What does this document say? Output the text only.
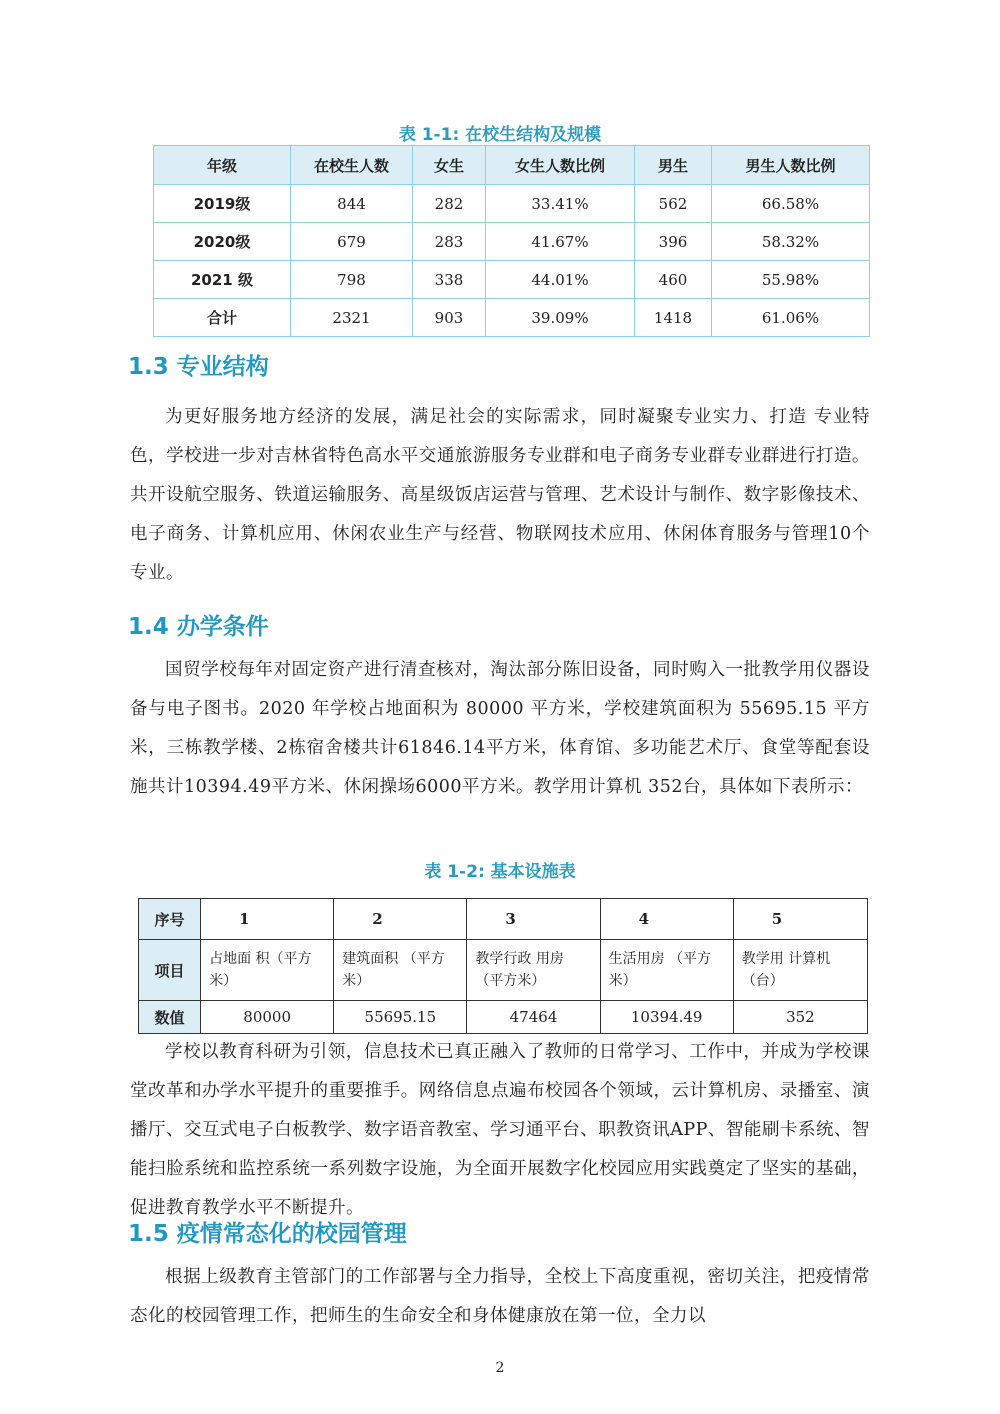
表 1-1: 在校生结构及规模
年级	在校生人数	女生	女生人数比例	男生	男生人数比例
2019级	844	282	33.41%	562	66.58%
2020级	679	283	41.67%	396	58.32%
2021 级	798	338	44.01%	460	55.98%
合计	2321	903	39.09%	1418	61.06%
1.3 专业结构

为更好服务地方经济的发展，满足社会的实际需求，同时凝聚专业实力、打造 专业特色，学校进一步对吉林省特色高水平交通旅游服务专业群和电子商务专业群专业群进行打造。共开设航空服务、铁道运输服务、高星级饭店运营与管理、艺术设计与制作、数字影像技术、电子商务、计算机应用、休闲农业生产与经营、物联网技术应用、休闲体育服务与管理10个专业。

1.4 办学条件

国贸学校每年对固定资产进行清查核对，淘汰部分陈旧设备，同时购入一批教学用仪器设备与电子图书。2020 年学校占地面积为 80000 平方米，学校建筑面积为 55695.15 平方米，三栋教学楼、2栋宿舍楼共计61846.14平方米，体育馆、多功能艺术厅、食堂等配套设施共计10394.49平方米、休闲操场6000平方米。教学用计算机 352台，具体如下表所示：

表 1-2: 基本设施表
序号	1	2	3	4	5
项目	占地面 积（平方米）	建筑面积 （平方米）	教学行政 用房（平方米）	生活用房 （平方米）	教学用 计算机（台）
数值	80000	55695.15	47464	10394.49	352

学校以教育科研为引领，信息技术已真正融入了教师的日常学习、工作中，并成为学校课堂改革和办学水平提升的重要推手。网络信息点遍布校园各个领域，云计算机房、录播室、演播厅、交互式电子白板教学、数字语音教室、学习通平台、职教资讯APP、智能刷卡系统、智能扫脸系统和监控系统一系列数字设施，为全面开展数字化校园应用实践奠定了坚实的基础，促进教育教学水平不断提升。

1.5 疫情常态化的校园管理

根据上级教育主管部门的工作部署与全力指导，全校上下高度重视，密切关注，把疫情常态化的校园管理工作，把师生的生命安全和身体健康放在第一位，全力以

2
